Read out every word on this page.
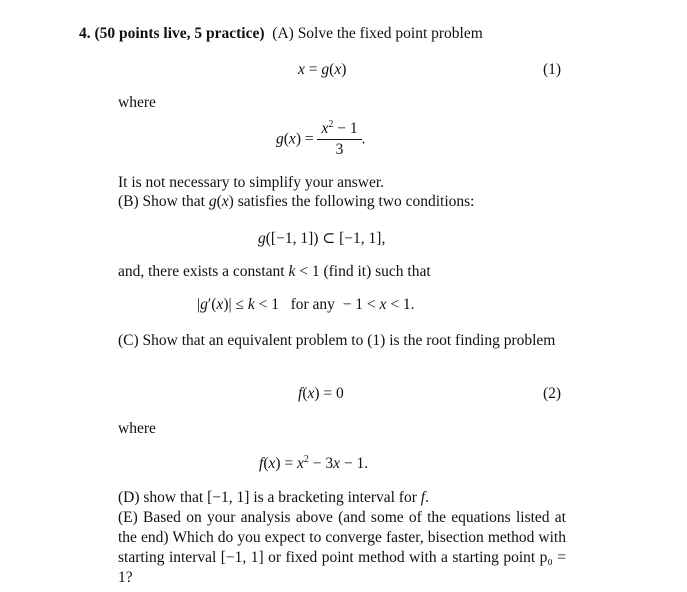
4. (50 points live, 5 practice) (A) Solve the fixed point problem
x = g(x)	(1)
where
$g(x) = \frac{x^2 - 1}{3}$ .
It is not necessary to simplify your answer.
(B) Show that g(x) satisfies the following two conditions:
g([−1, 1]) ⊂ [−1, 1],
and, there exists a constant k < 1 (find it) such that
|g′(x)| ≤ k < 1   for any  − 1 < x < 1.
(C) Show that an equivalent problem to (1) is the root finding problem
f(x) = 0	(2)
where
$f(x) = x^2 - 3x - 1$.
(D) show that [−1, 1] is a bracketing interval for f.
(E) Based on your analysis above (and some of the equations listed at the end) Which do you expect to converge faster, bisection method with starting interval [−1, 1] or fixed point method with a starting point p₀ = 1?
